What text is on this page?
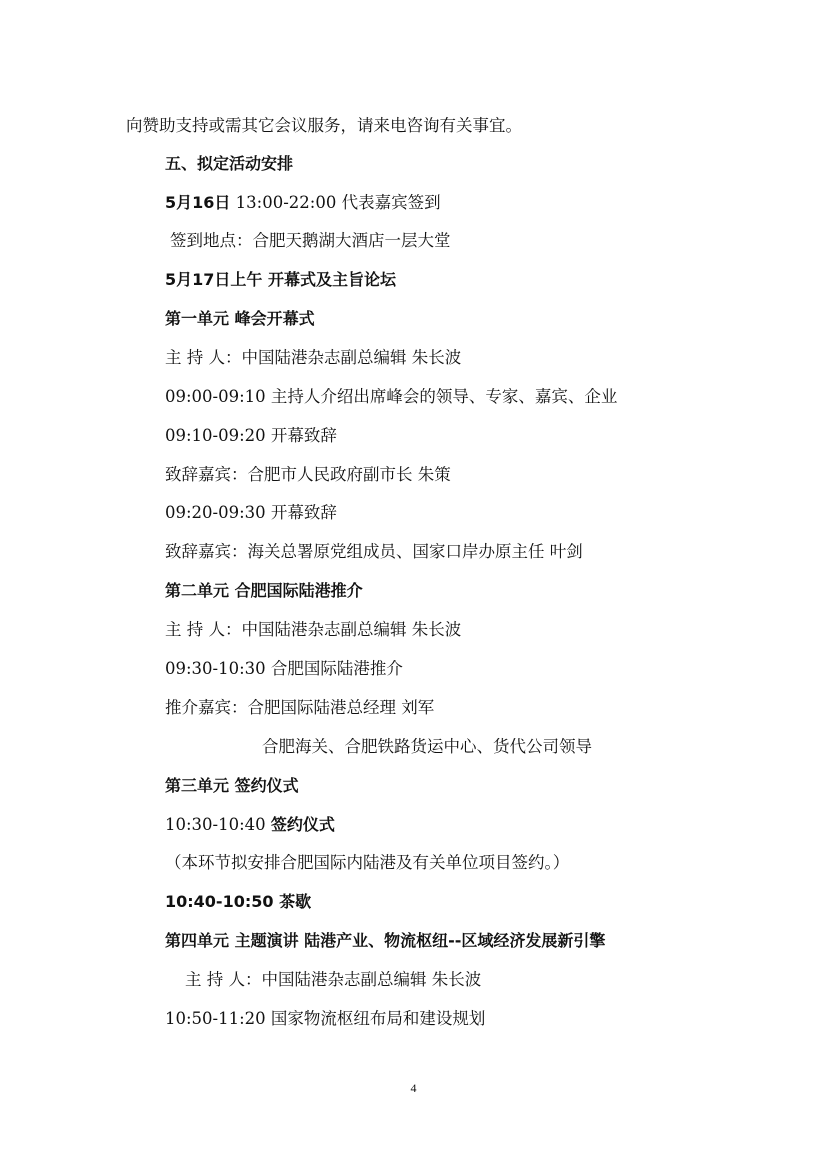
向赞助支持或需其它会议服务，请来电咨询有关事宜。
五、拟定活动安排
5月16日 13:00-22:00 代表嘉宾签到
签到地点：合肥天鹅湖大酒店一层大堂
5月17日上午 开幕式及主旨论坛
第一单元 峰会开幕式
主 持 人：中国陆港杂志副总编辑 朱长波
09:00-09:10 主持人介绍出席峰会的领导、专家、嘉宾、企业
09:10-09:20 开幕致辞
致辞嘉宾：合肥市人民政府副市长 朱策
09:20-09:30 开幕致辞
致辞嘉宾：海关总署原党组成员、国家口岸办原主任 叶剑
第二单元 合肥国际陆港推介
主 持 人：中国陆港杂志副总编辑 朱长波
09:30-10:30 合肥国际陆港推介
推介嘉宾：合肥国际陆港总经理 刘军
合肥海关、合肥铁路货运中心、货代公司领导
第三单元 签约仪式
10:30-10:40 签约仪式
（本环节拟安排合肥国际内陆港及有关单位项目签约。）
10:40-10:50 茶歇
第四单元 主题演讲 陆港产业、物流枢纽--区域经济发展新引擎
主 持 人：中国陆港杂志副总编辑 朱长波
10:50-11:20 国家物流枢纽布局和建设规划
4
